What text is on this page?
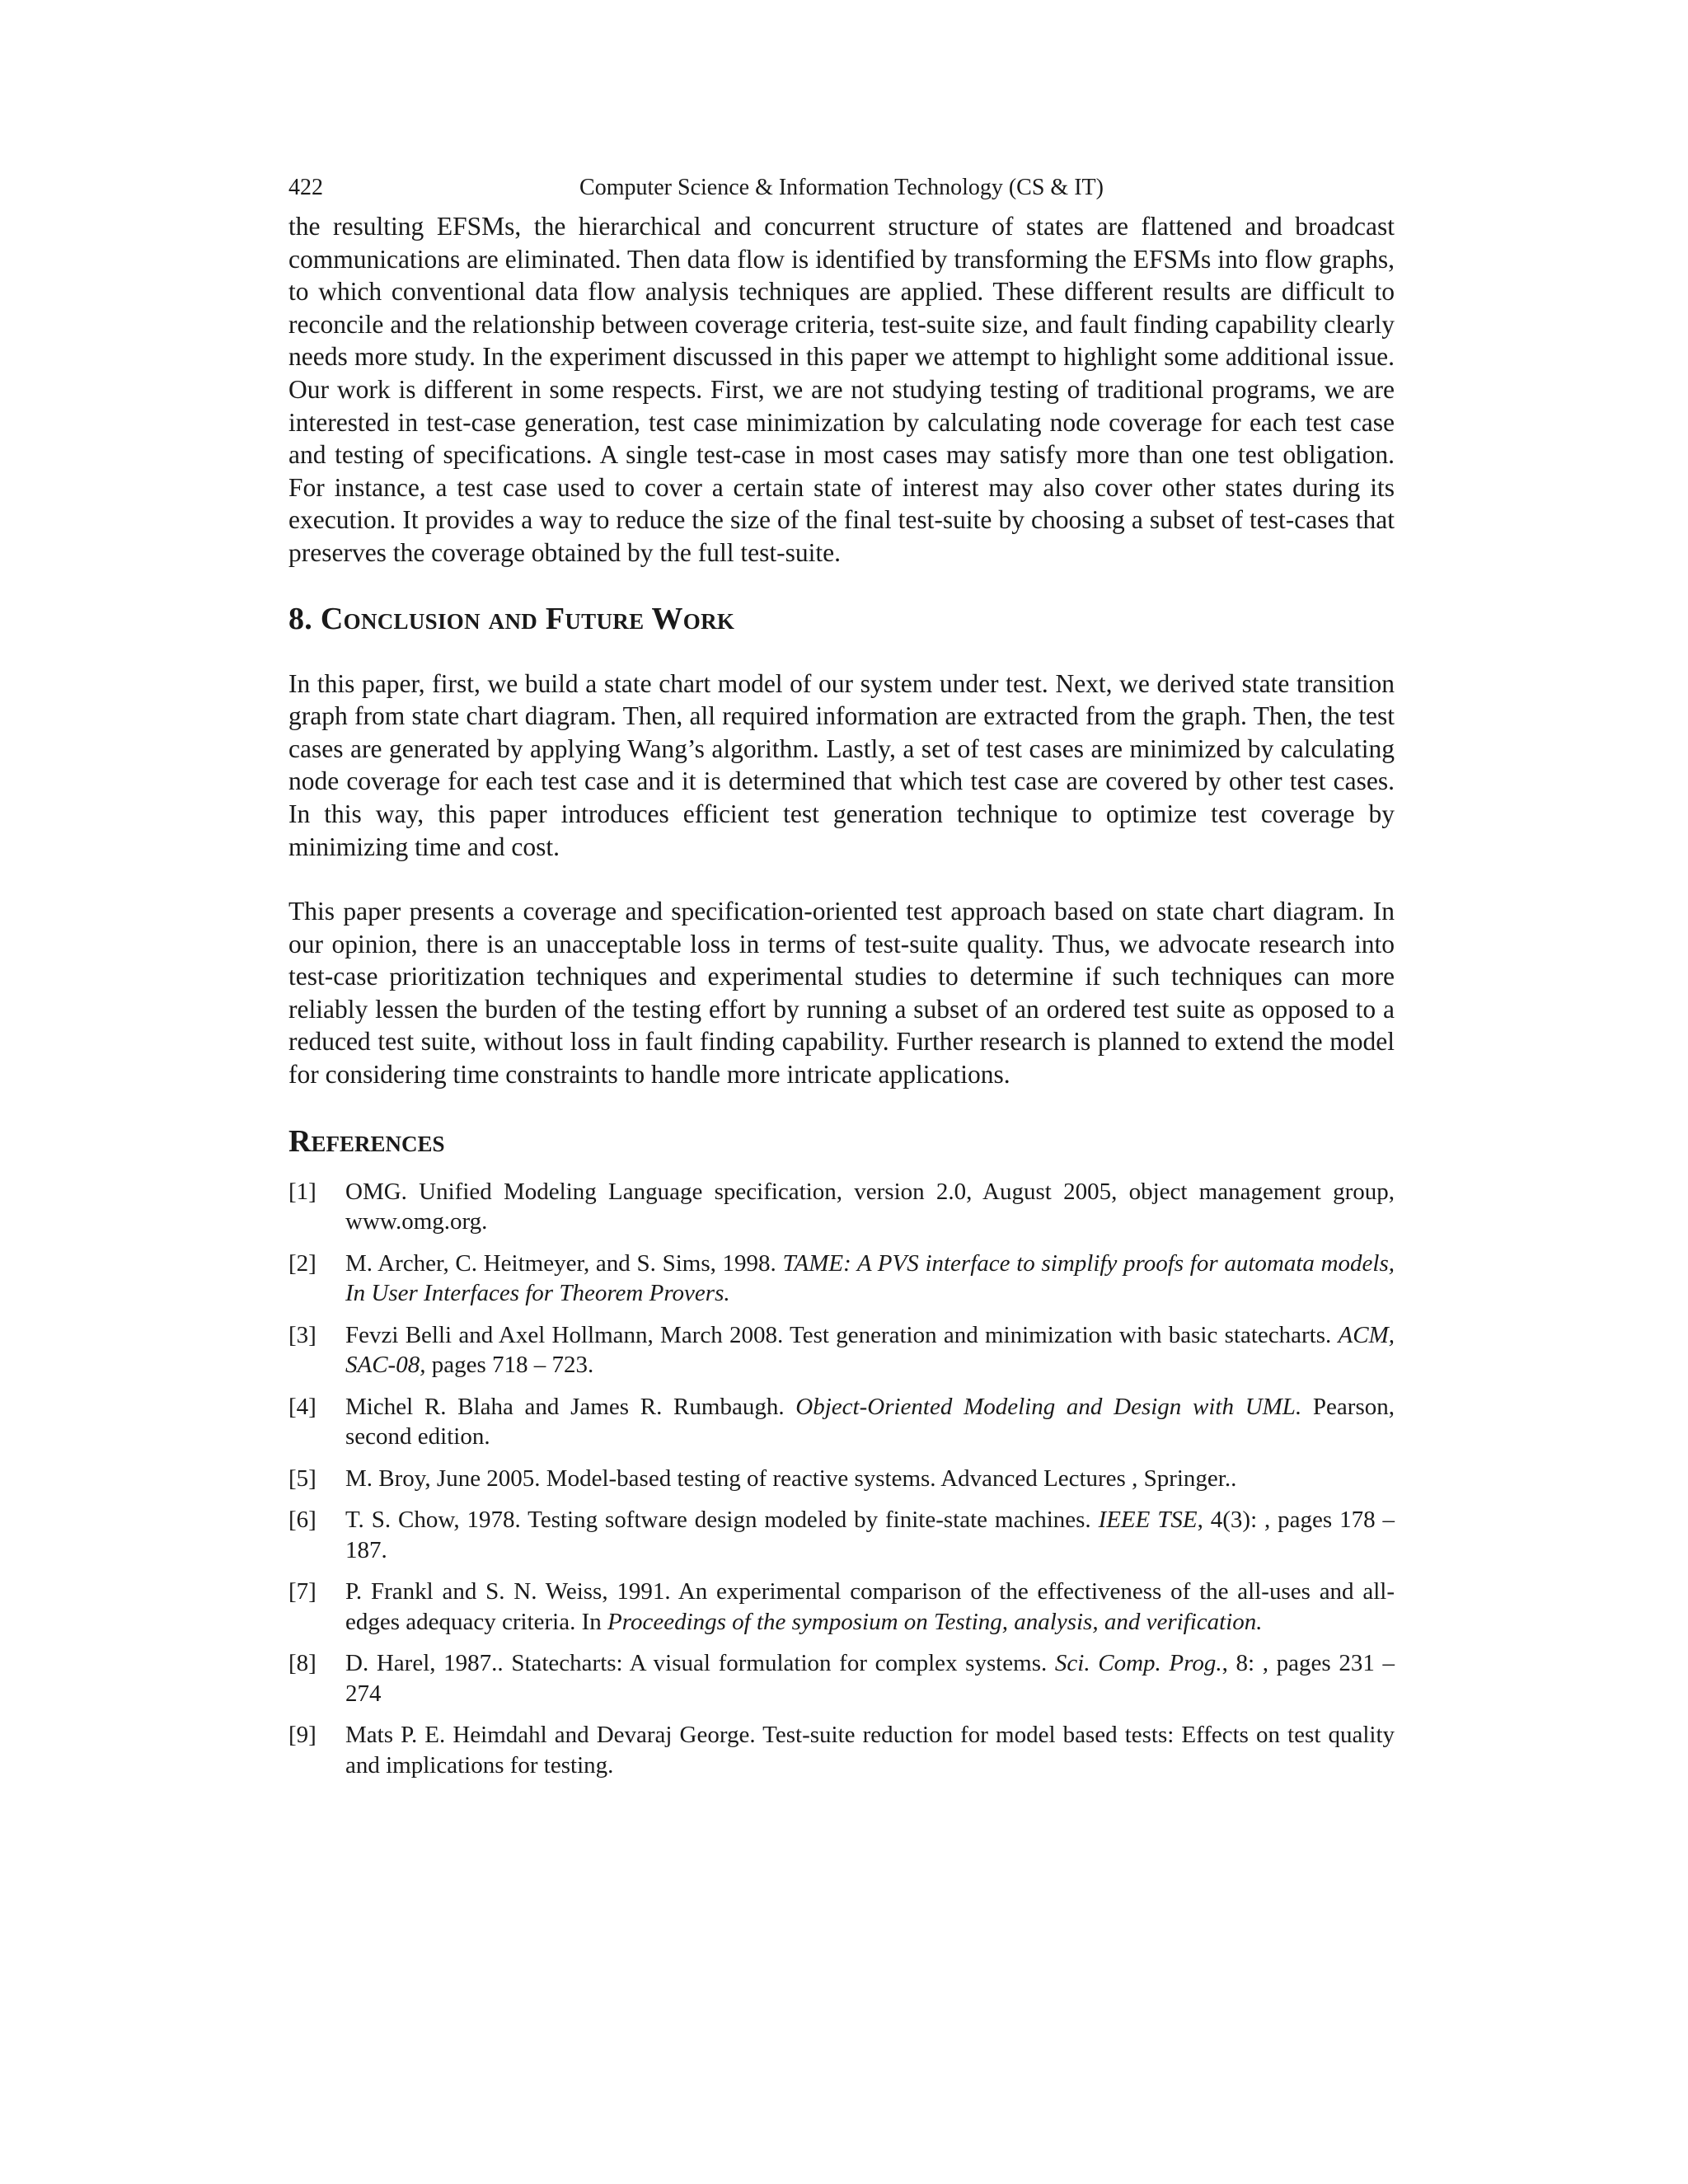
422	Computer Science & Information Technology (CS & IT)

the resulting EFSMs, the hierarchical and concurrent structure of states are flattened and broadcast communications are eliminated. Then data flow is identified by transforming the EFSMs into flow graphs, to which conventional data flow analysis techniques are applied. These different results are difficult to reconcile and the relationship between coverage criteria, test-suite size, and fault finding capability clearly needs more study. In the experiment discussed in this paper we attempt to highlight some additional issue. Our work is different in some respects. First, we are not studying testing of traditional programs, we are interested in test-case generation, test case minimization by calculating node coverage for each test case and testing of specifications. A single test-case in most cases may satisfy more than one test obligation. For instance, a test case used to cover a certain state of interest may also cover other states during its execution. It provides a way to reduce the size of the final test-suite by choosing a subset of test-cases that preserves the coverage obtained by the full test-suite.

8. Conclusion and Future Work

In this paper, first, we build a state chart model of our system under test. Next, we derived state transition graph from state chart diagram. Then, all required information are extracted from the graph. Then, the test cases are generated by applying Wang’s algorithm. Lastly, a set of test cases are minimized by calculating node coverage for each test case and it is determined that which test case are covered by other test cases. In this way, this paper introduces efficient test generation technique to optimize test coverage by minimizing time and cost.

This paper presents a coverage and specification-oriented test approach based on state chart diagram. In our opinion, there is an unacceptable loss in terms of test-suite quality. Thus, we advocate research into test-case prioritization techniques and experimental studies to determine if such techniques can more reliably lessen the burden of the testing effort by running a subset of an ordered test suite as opposed to a reduced test suite, without loss in fault finding capability. Further research is planned to extend the model for considering time constraints to handle more intricate applications.

References
[1] OMG. Unified Modeling Language specification, version 2.0, August 2005, object management group, www.omg.org.
[2] M. Archer, C. Heitmeyer, and S. Sims, 1998. TAME: A PVS interface to simplify proofs for automata models, In User Interfaces for Theorem Provers.
[3] Fevzi Belli and Axel Hollmann, March 2008. Test generation and minimization with basic statecharts. ACM, SAC-08, pages 718 – 723.
[4] Michel R. Blaha and James R. Rumbaugh. Object-Oriented Modeling and Design with UML. Pearson, second edition.
[5] M. Broy, June 2005. Model-based testing of reactive systems. Advanced Lectures , Springer..
[6] T. S. Chow, 1978. Testing software design modeled by finite-state machines. IEEE TSE, 4(3): , pages 178 – 187.
[7] P. Frankl and S. N. Weiss, 1991. An experimental comparison of the effectiveness of the all-uses and all-edges adequacy criteria. In Proceedings of the symposium on Testing, analysis, and verification.
[8] D. Harel, 1987.. Statecharts: A visual formulation for complex systems. Sci. Comp. Prog., 8: , pages 231 – 274
[9] Mats P. E. Heimdahl and Devaraj George. Test-suite reduction for model based tests: Effects on test quality and implications for testing.
